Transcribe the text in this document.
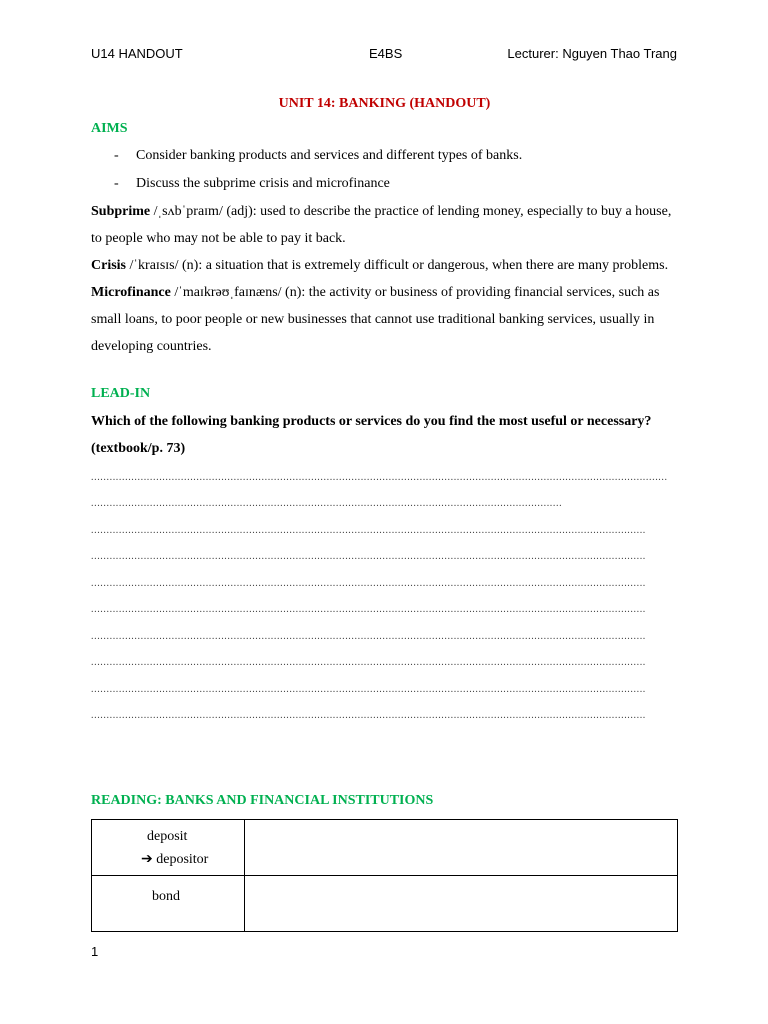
U14 HANDOUT	E4BS	Lecturer: Nguyen Thao Trang
UNIT 14: BANKING (HANDOUT)
AIMS
- Consider banking products and services and different types of banks.
- Discuss the subprime crisis and microfinance
Subprime /ˌsʌbˈpraɪm/ (adj): used to describe the practice of lending money, especially to buy a house, to people who may not be able to pay it back.
Crisis /ˈkraɪsɪs/ (n): a situation that is extremely difficult or dangerous, when there are many problems.
Microfinance /ˈmaɪkrəʊˌfaɪnæns/ (n): the activity or business of providing financial services, such as small loans, to poor people or new businesses that cannot use traditional banking services, usually in developing countries.
LEAD-IN
Which of the following banking products or services do you find the most useful or necessary? (textbook/p. 73)
..........................................................................................................................................................................................
........................................................................................................................................................
...................................................................................................................................................................................
...................................................................................................................................................................................
...................................................................................................................................................................................
...................................................................................................................................................................................
...................................................................................................................................................................................
...................................................................................................................................................................................
...................................................................................................................................................................................
...................................................................................................................................................................................
READING: BANKS AND FINANCIAL INSTITUTIONS
deposit
➔ depositor	

bond	

1
